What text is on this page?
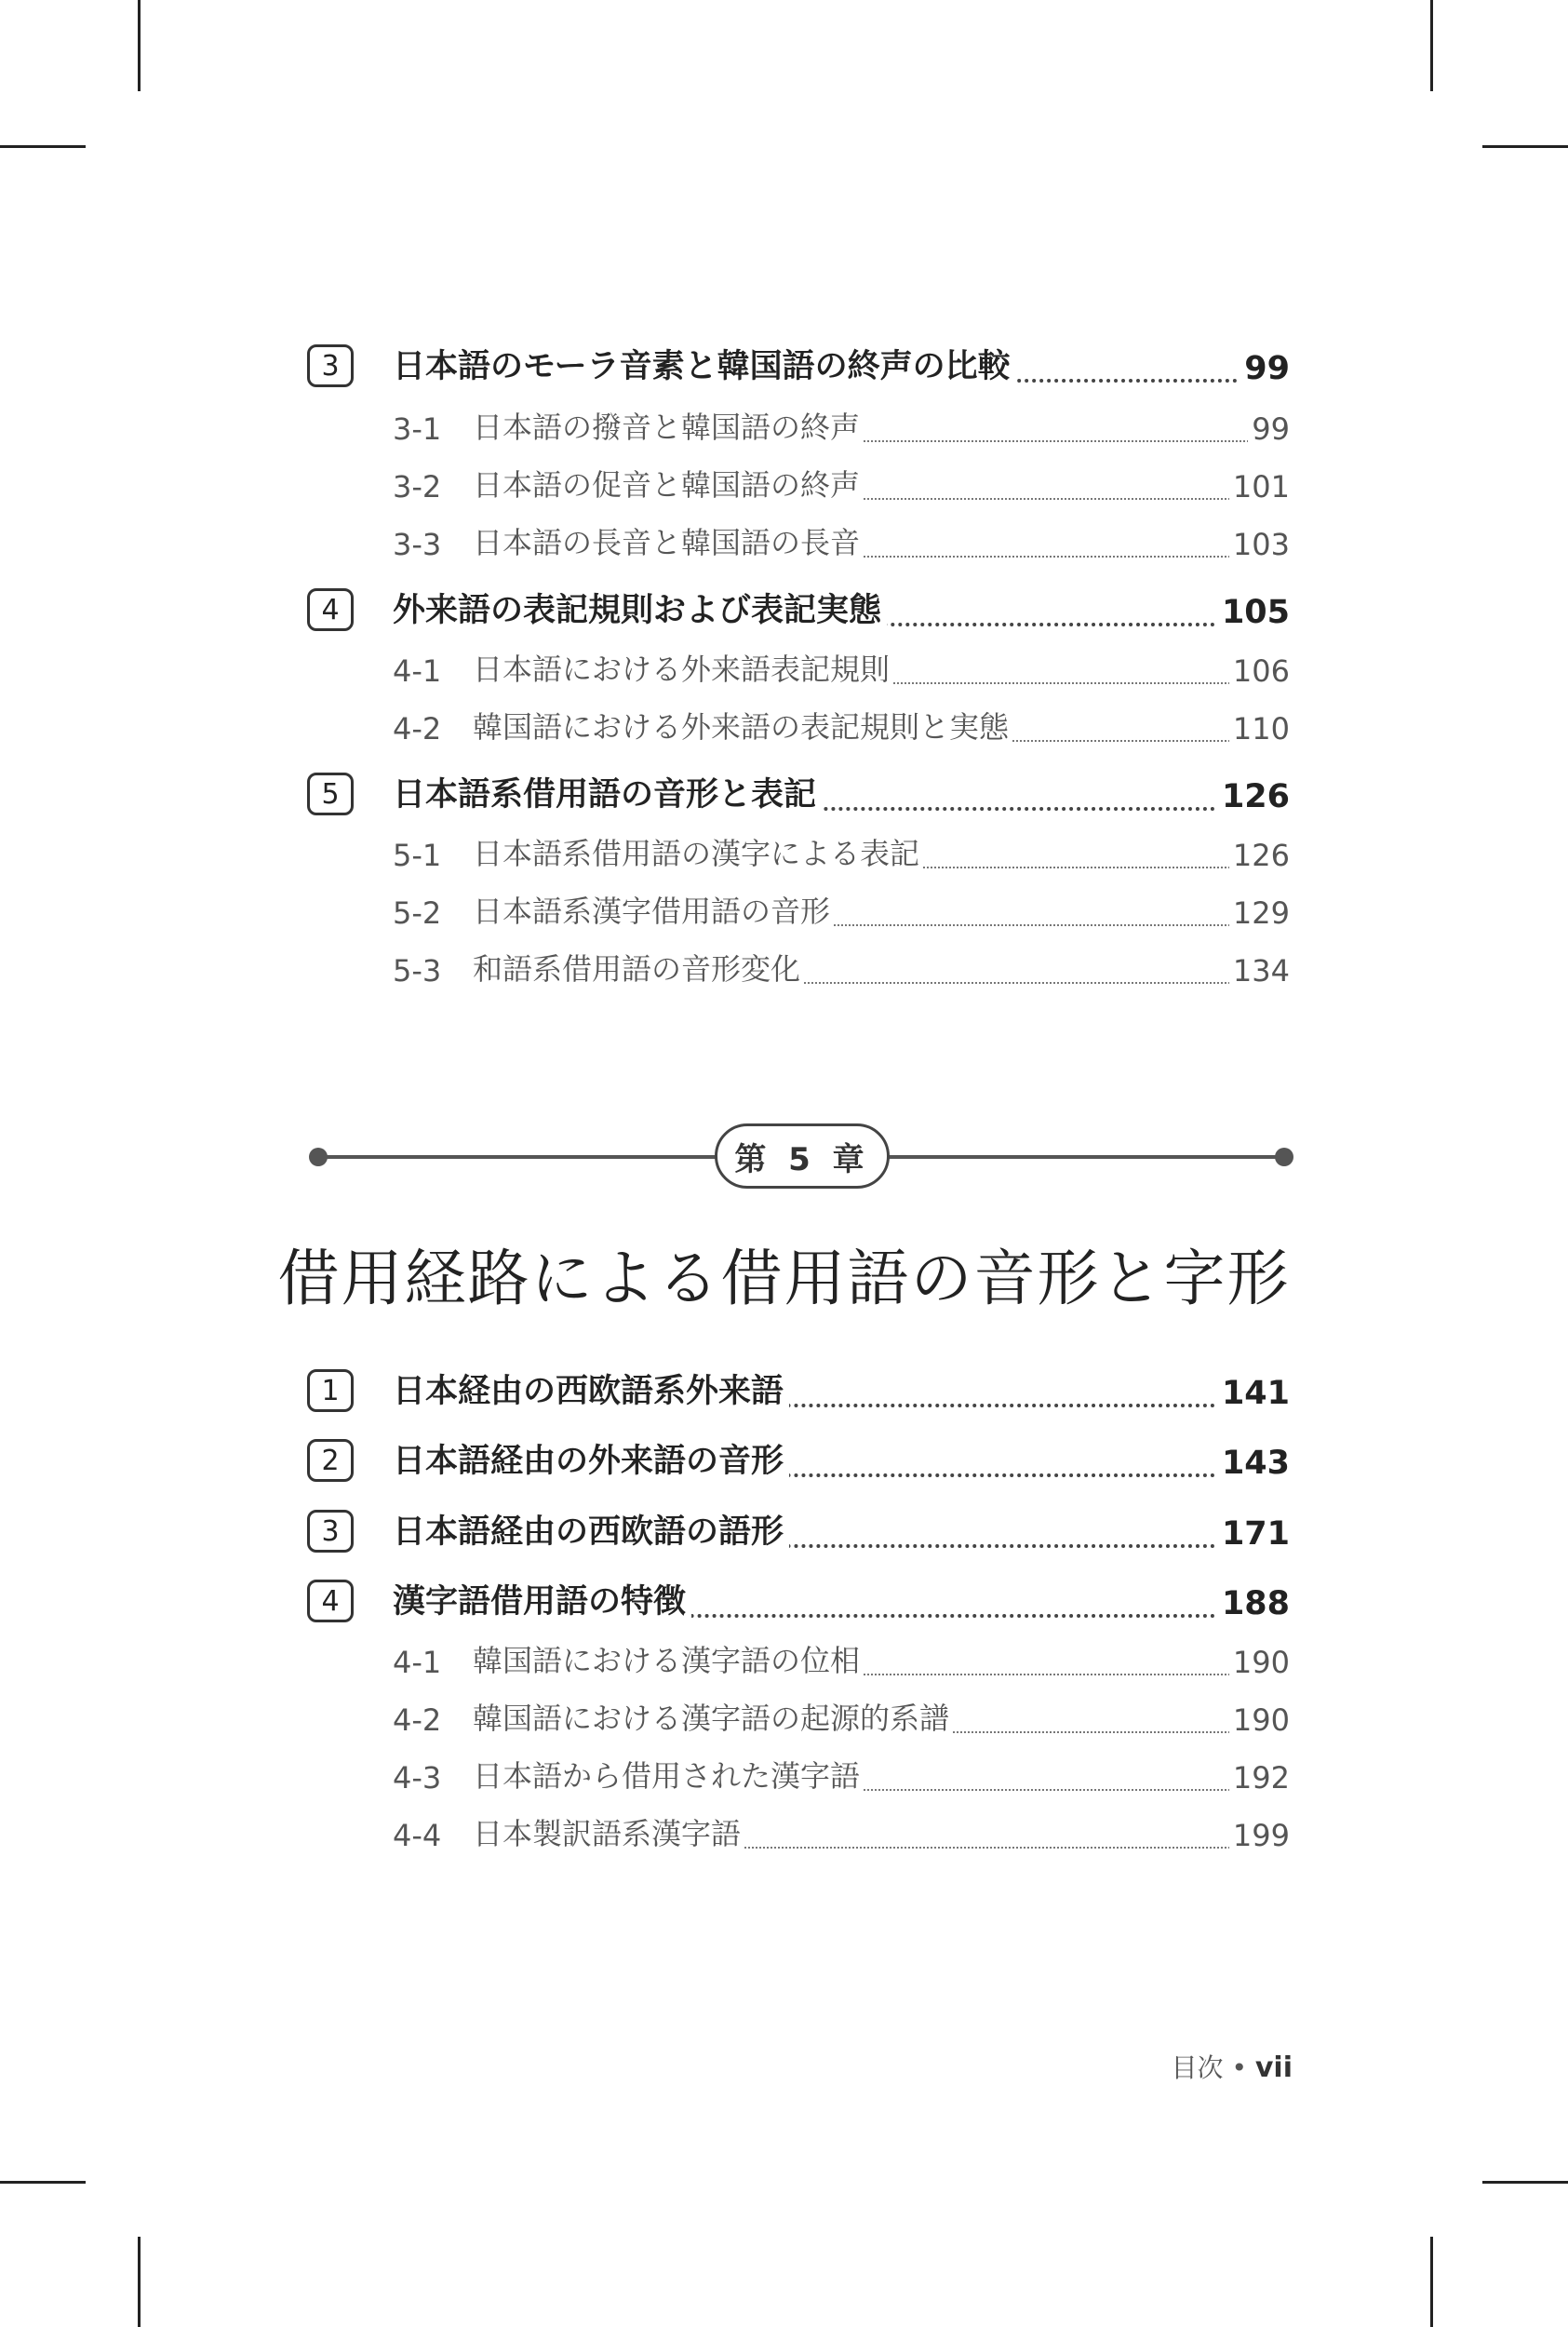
3	日本語のモーラ音素と韓国語の終声の比較	99
3-1 日本語の撥音と韓国語の終声	99
3-2 日本語の促音と韓国語の終声	101
3-3 日本語の長音と韓国語の長音	103
4	外来語の表記規則および表記実態	105
4-1 日本語における外来語表記規則	106
4-2 韓国語における外来語の表記規則と実態	110
5	日本語系借用語の音形と表記	126
5-1 日本語系借用語の漢字による表記	126
5-2 日本語系漢字借用語の音形	129
5-3 和語系借用語の音形変化	134
第 5 章
借用経路による借用語の音形と字形
1	日本経由の西欧語系外来語	141
2	日本語経由の外来語の音形	143
3	日本語経由の西欧語の語形	171
4	漢字語借用語の特徴	188
4-1 韓国語における漢字語の位相	190
4-2 韓国語における漢字語の起源的系譜	190
4-3 日本語から借用された漢字語	192
4-4 日本製訳語系漢字語	199
目次 • vii
